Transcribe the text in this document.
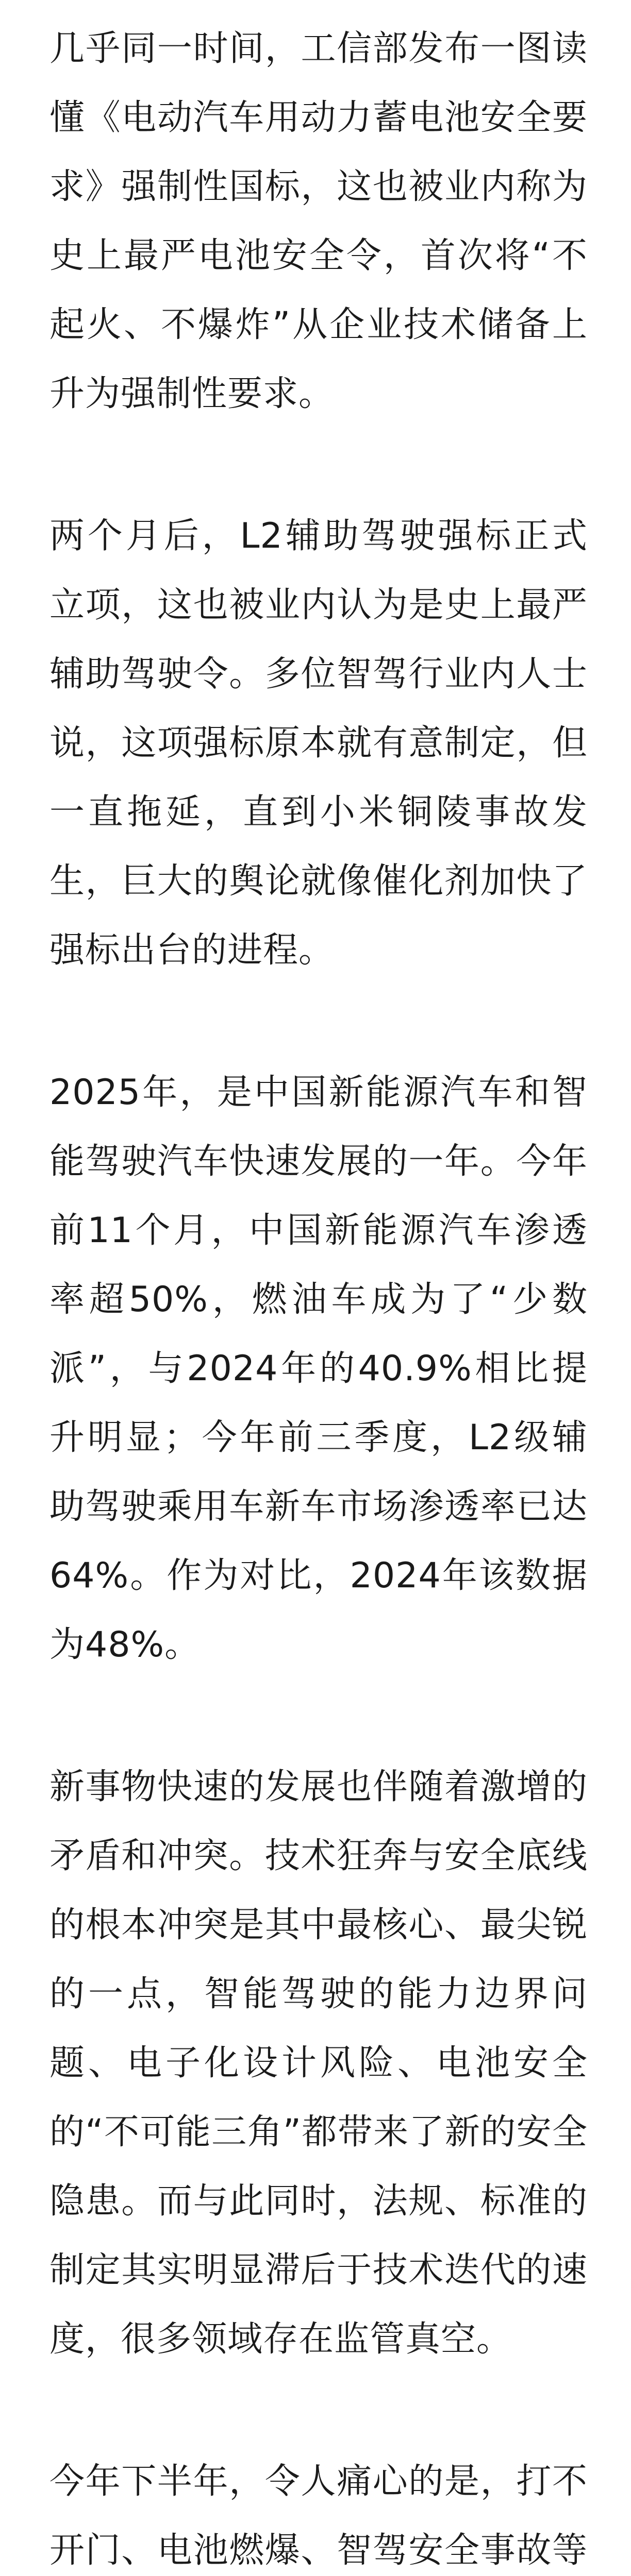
几乎同一时间，工信部发布一图读懂《电动汽车用动力蓄电池安全要求》强制性国标，这也被业内称为史上最严电池安全令，首次将“不起火、不爆炸”从企业技术储备上升为强制性要求。

两个月后，L2辅助驾驶强标正式立项，这也被业内认为是史上最严辅助驾驶令。多位智驾行业内人士说，这项强标原本就有意制定，但一直拖延，直到小米铜陵事故发生，巨大的舆论就像催化剂加快了强标出台的进程。

2025年，是中国新能源汽车和智能驾驶汽车快速发展的一年。今年前11个月，中国新能源汽车渗透率超50%，燃油车成为了“少数派”，与2024年的40.9%相比提升明显；今年前三季度，L2级辅助驾驶乘用车新车市场渗透率已达64%。作为对比，2024年该数据为48%。

新事物快速的发展也伴随着激增的矛盾和冲突。技术狂奔与安全底线的根本冲突是其中最核心、最尖锐的一点，智能驾驶的能力边界问题、电子化设计风险、电池安全的“不可能三角”都带来了新的安全隐患。而与此同时，法规、标准的制定其实明显滞后于技术迭代的速度，很多领域存在监管真空。

今年下半年，令人痛心的是，打不开门、电池燃爆、智驾安全事故等
